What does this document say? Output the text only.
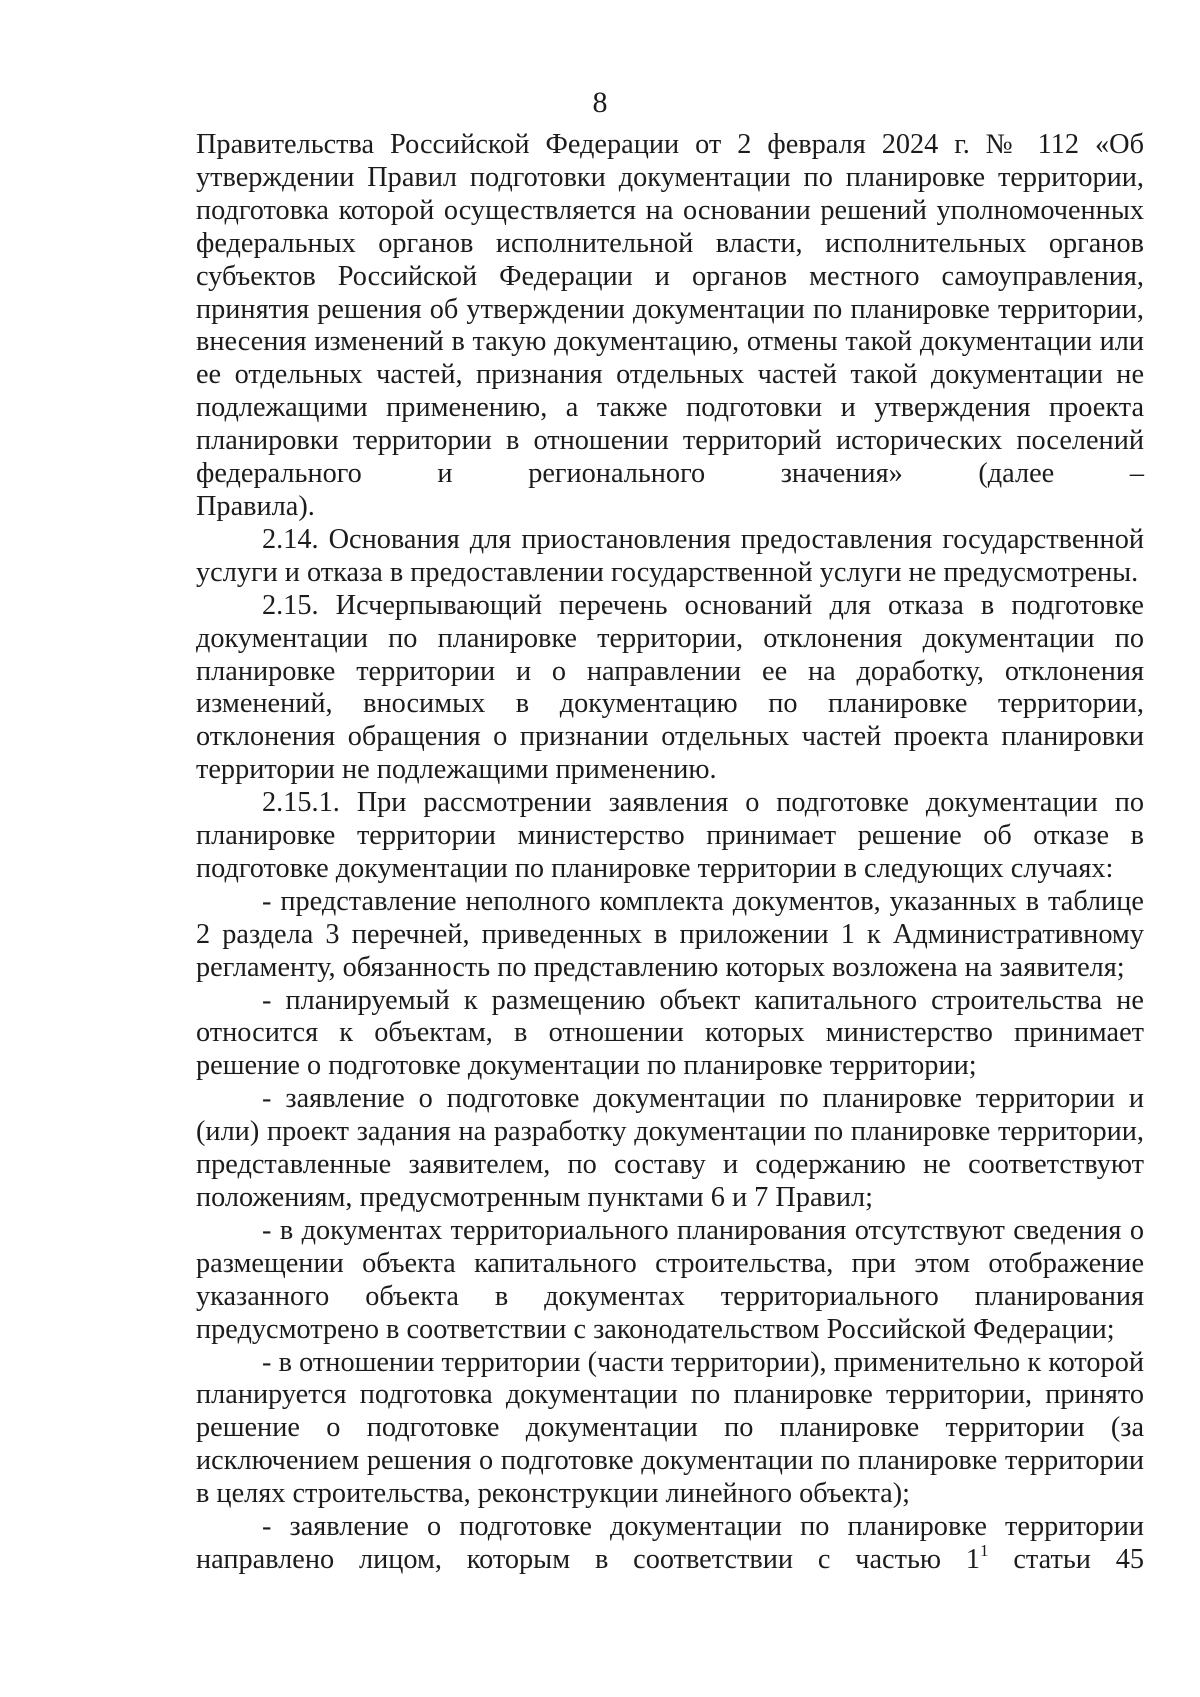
8

Правительства Российской Федерации от 2 февраля 2024 г. № 112 «Об утверждении Правил подготовки документации по планировке территории, подготовка которой осуществляется на основании решений уполномоченных федеральных органов исполнительной власти, исполнительных органов субъектов Российской Федерации и органов местного самоуправления, принятия решения об утверждении документации по планировке территории, внесения изменений в такую документацию, отмены такой документации или ее отдельных частей, признания отдельных частей такой документации не подлежащими применению, а также подготовки и утверждения проекта планировки территории в отношении территорий исторических поселений федерального и регионального значения» (далее –

Правила).

2.14. Основания для приостановления предоставления государственной услуги и отказа в предоставлении государственной услуги не предусмотрены.

2.15. Исчерпывающий перечень оснований для отказа в подготовке документации по планировке территории, отклонения документации по планировке территории и о направлении ее на доработку, отклонения изменений, вносимых в документацию по планировке территории, отклонения обращения о признании отдельных частей проекта планировки территории не подлежащими применению.

2.15.1. При рассмотрении заявления о подготовке документации по планировке территории министерство принимает решение об отказе в подготовке документации по планировке территории в следующих случаях:

- представление неполного комплекта документов, указанных в таблице 2 раздела 3 перечней, приведенных в приложении 1 к Административному регламенту, обязанность по представлению которых возложена на заявителя;

- планируемый к размещению объект капитального строительства не относится к объектам, в отношении которых министерство принимает решение о подготовке документации по планировке территории;

- заявление о подготовке документации по планировке территории и (или) проект задания на разработку документации по планировке территории, представленные заявителем, по составу и содержанию не соответствуют положениям, предусмотренным пунктами 6 и 7 Правил;

- в документах территориального планирования отсутствуют сведения о размещении объекта капитального строительства, при этом отображение указанного объекта в документах территориального планирования предусмотрено в соответствии с законодательством Российской Федерации;

- в отношении территории (части территории), применительно к которой планируется подготовка документации по планировке территории, принято решение о подготовке документации по планировке территории (за исключением решения о подготовке документации по планировке территории в целях строительства, реконструкции линейного объекта);

- заявление о подготовке документации по планировке территории направлено лицом, которым в соответствии с частью $1^1$ статьи 45
